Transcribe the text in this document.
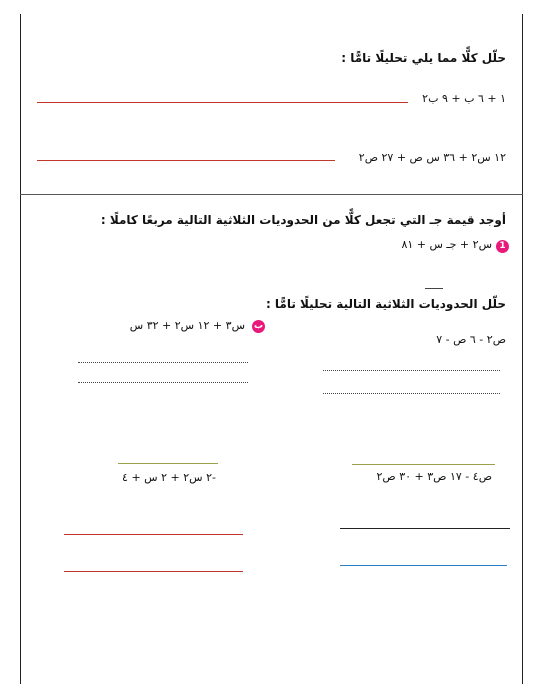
حلّل كلًّا مما يلي تحليلًا تامًّا :
١ + ٦ ب + ٩ ب٢
١٢ س٢ + ٣٦ س ص + ٢٧ ص٢
أوجد قيمة جـ التي تجعل كلًّا من الحدوديات الثلاثية التالية مربعًا كاملًا :
1
س٢ + جـ س + ٨١
حلّل الحدوديات الثلاثية التالية تحليلًا تامًّا :
ب
س٣ + ١٢ س٢ + ٣٢ س
ص٢ - ٦ ص - ٧
-٢ س٢ + ٢ س + ٤	ص٤ - ١٧ ص٣ + ٣٠ ص٢
